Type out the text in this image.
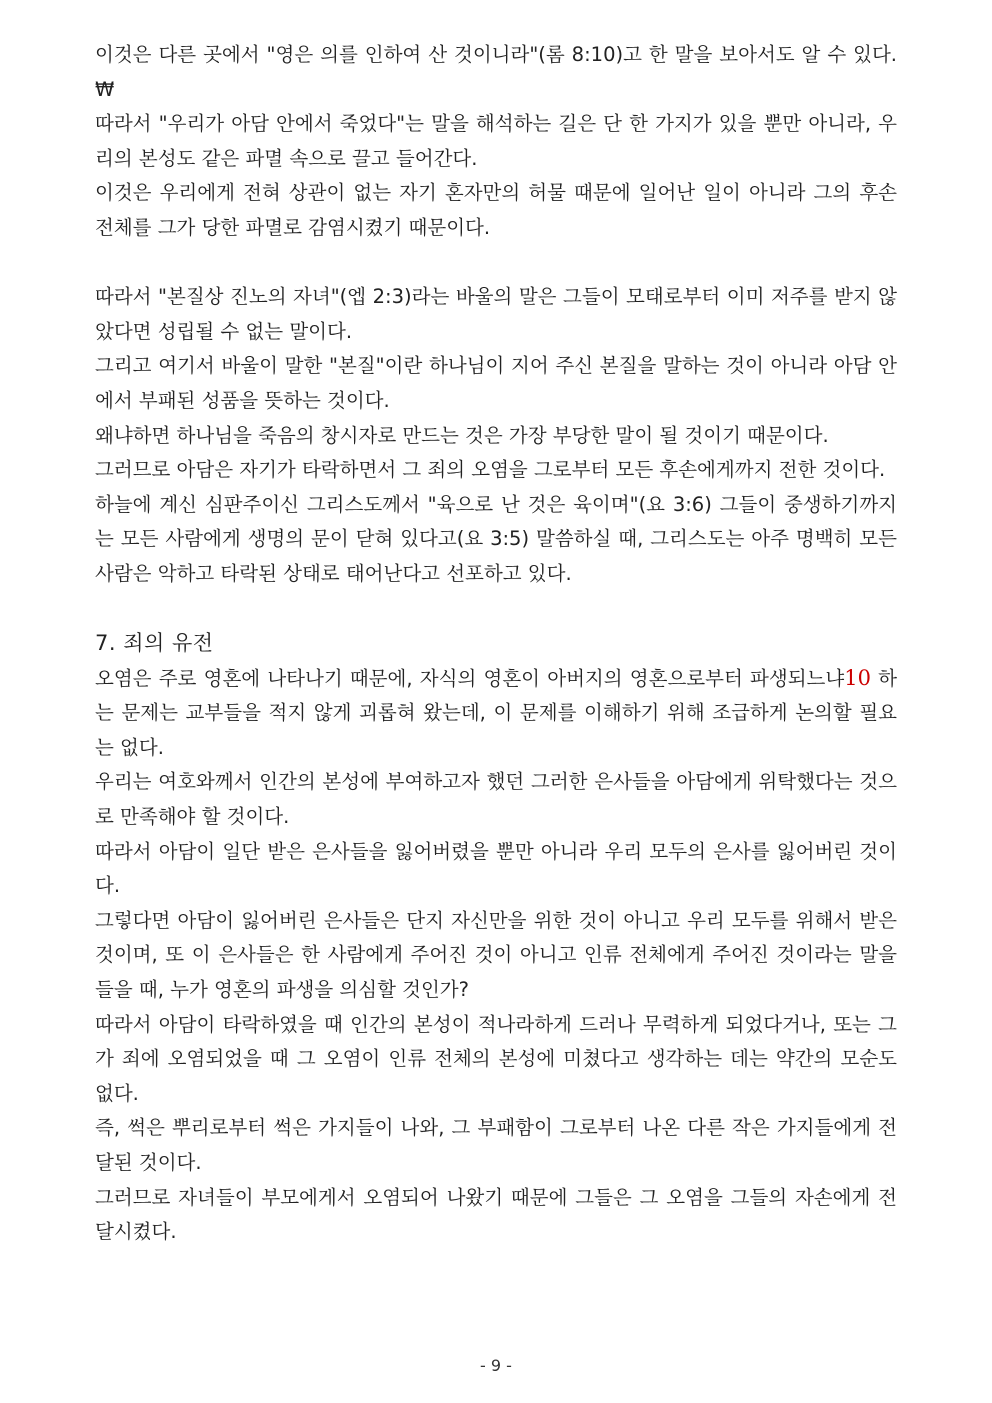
이것은 다른 곳에서 "영은 의를 인하여 산 것이니라"(롬 8:10)고 한 말을 보아서도 알 수 있다. ₩

따라서 "우리가 아담 안에서 죽었다"는 말을 해석하는 길은 단 한 가지가 있을 뿐만 아니라, 우리의 본성도 같은 파멸 속으로 끌고 들어간다.

이것은 우리에게 전혀 상관이 없는 자기 혼자만의 허물 때문에 일어난 일이 아니라 그의 후손 전체를 그가 당한 파멸로 감염시켰기 때문이다.

따라서 "본질상 진노의 자녀"(엡 2:3)라는 바울의 말은 그들이 모태로부터 이미 저주를 받지 않았다면 성립될 수 없는 말이다.

그리고 여기서 바울이 말한 "본질"이란 하나님이 지어 주신 본질을 말하는 것이 아니라 아담 안에서 부패된 성품을 뜻하는 것이다.

왜냐하면 하나님을 죽음의 창시자로 만드는 것은 가장 부당한 말이 될 것이기 때문이다.

그러므로 아담은 자기가 타락하면서 그 죄의 오염을 그로부터 모든 후손에게까지 전한 것이다.

하늘에 계신 심판주이신 그리스도께서 "육으로 난 것은 육이며"(요 3:6) 그들이 중생하기까지는 모든 사람에게 생명의 문이 닫혀 있다고(요 3:5) 말씀하실 때, 그리스도는 아주 명백히 모든 사람은 악하고 타락된 상태로 태어난다고 선포하고 있다.

7. 죄의 유전

오염은 주로 영혼에 나타나기 때문에, 자식의 영혼이 아버지의 영혼으로부터 파생되느냐10 하는 문제는 교부들을 적지 않게 괴롭혀 왔는데, 이 문제를 이해하기 위해 조급하게 논의할 필요는 없다.

우리는 여호와께서 인간의 본성에 부여하고자 했던 그러한 은사들을 아담에게 위탁했다는 것으로 만족해야 할 것이다.

따라서 아담이 일단 받은 은사들을 잃어버렸을 뿐만 아니라 우리 모두의 은사를 잃어버린 것이다.

그렇다면 아담이 잃어버린 은사들은 단지 자신만을 위한 것이 아니고 우리 모두를 위해서 받은 것이며, 또 이 은사들은 한 사람에게 주어진 것이 아니고 인류 전체에게 주어진 것이라는 말을 들을 때, 누가 영혼의 파생을 의심할 것인가?

따라서 아담이 타락하였을 때 인간의 본성이 적나라하게 드러나 무력하게 되었다거나, 또는 그가 죄에 오염되었을 때 그 오염이 인류 전체의 본성에 미쳤다고 생각하는 데는 약간의 모순도 없다.

즉, 썩은 뿌리로부터 썩은 가지들이 나와, 그 부패함이 그로부터 나온 다른 작은 가지들에게 전달된 것이다.

그러므로 자녀들이 부모에게서 오염되어 나왔기 때문에 그들은 그 오염을 그들의 자손에게 전달시켰다.

- 9 -
